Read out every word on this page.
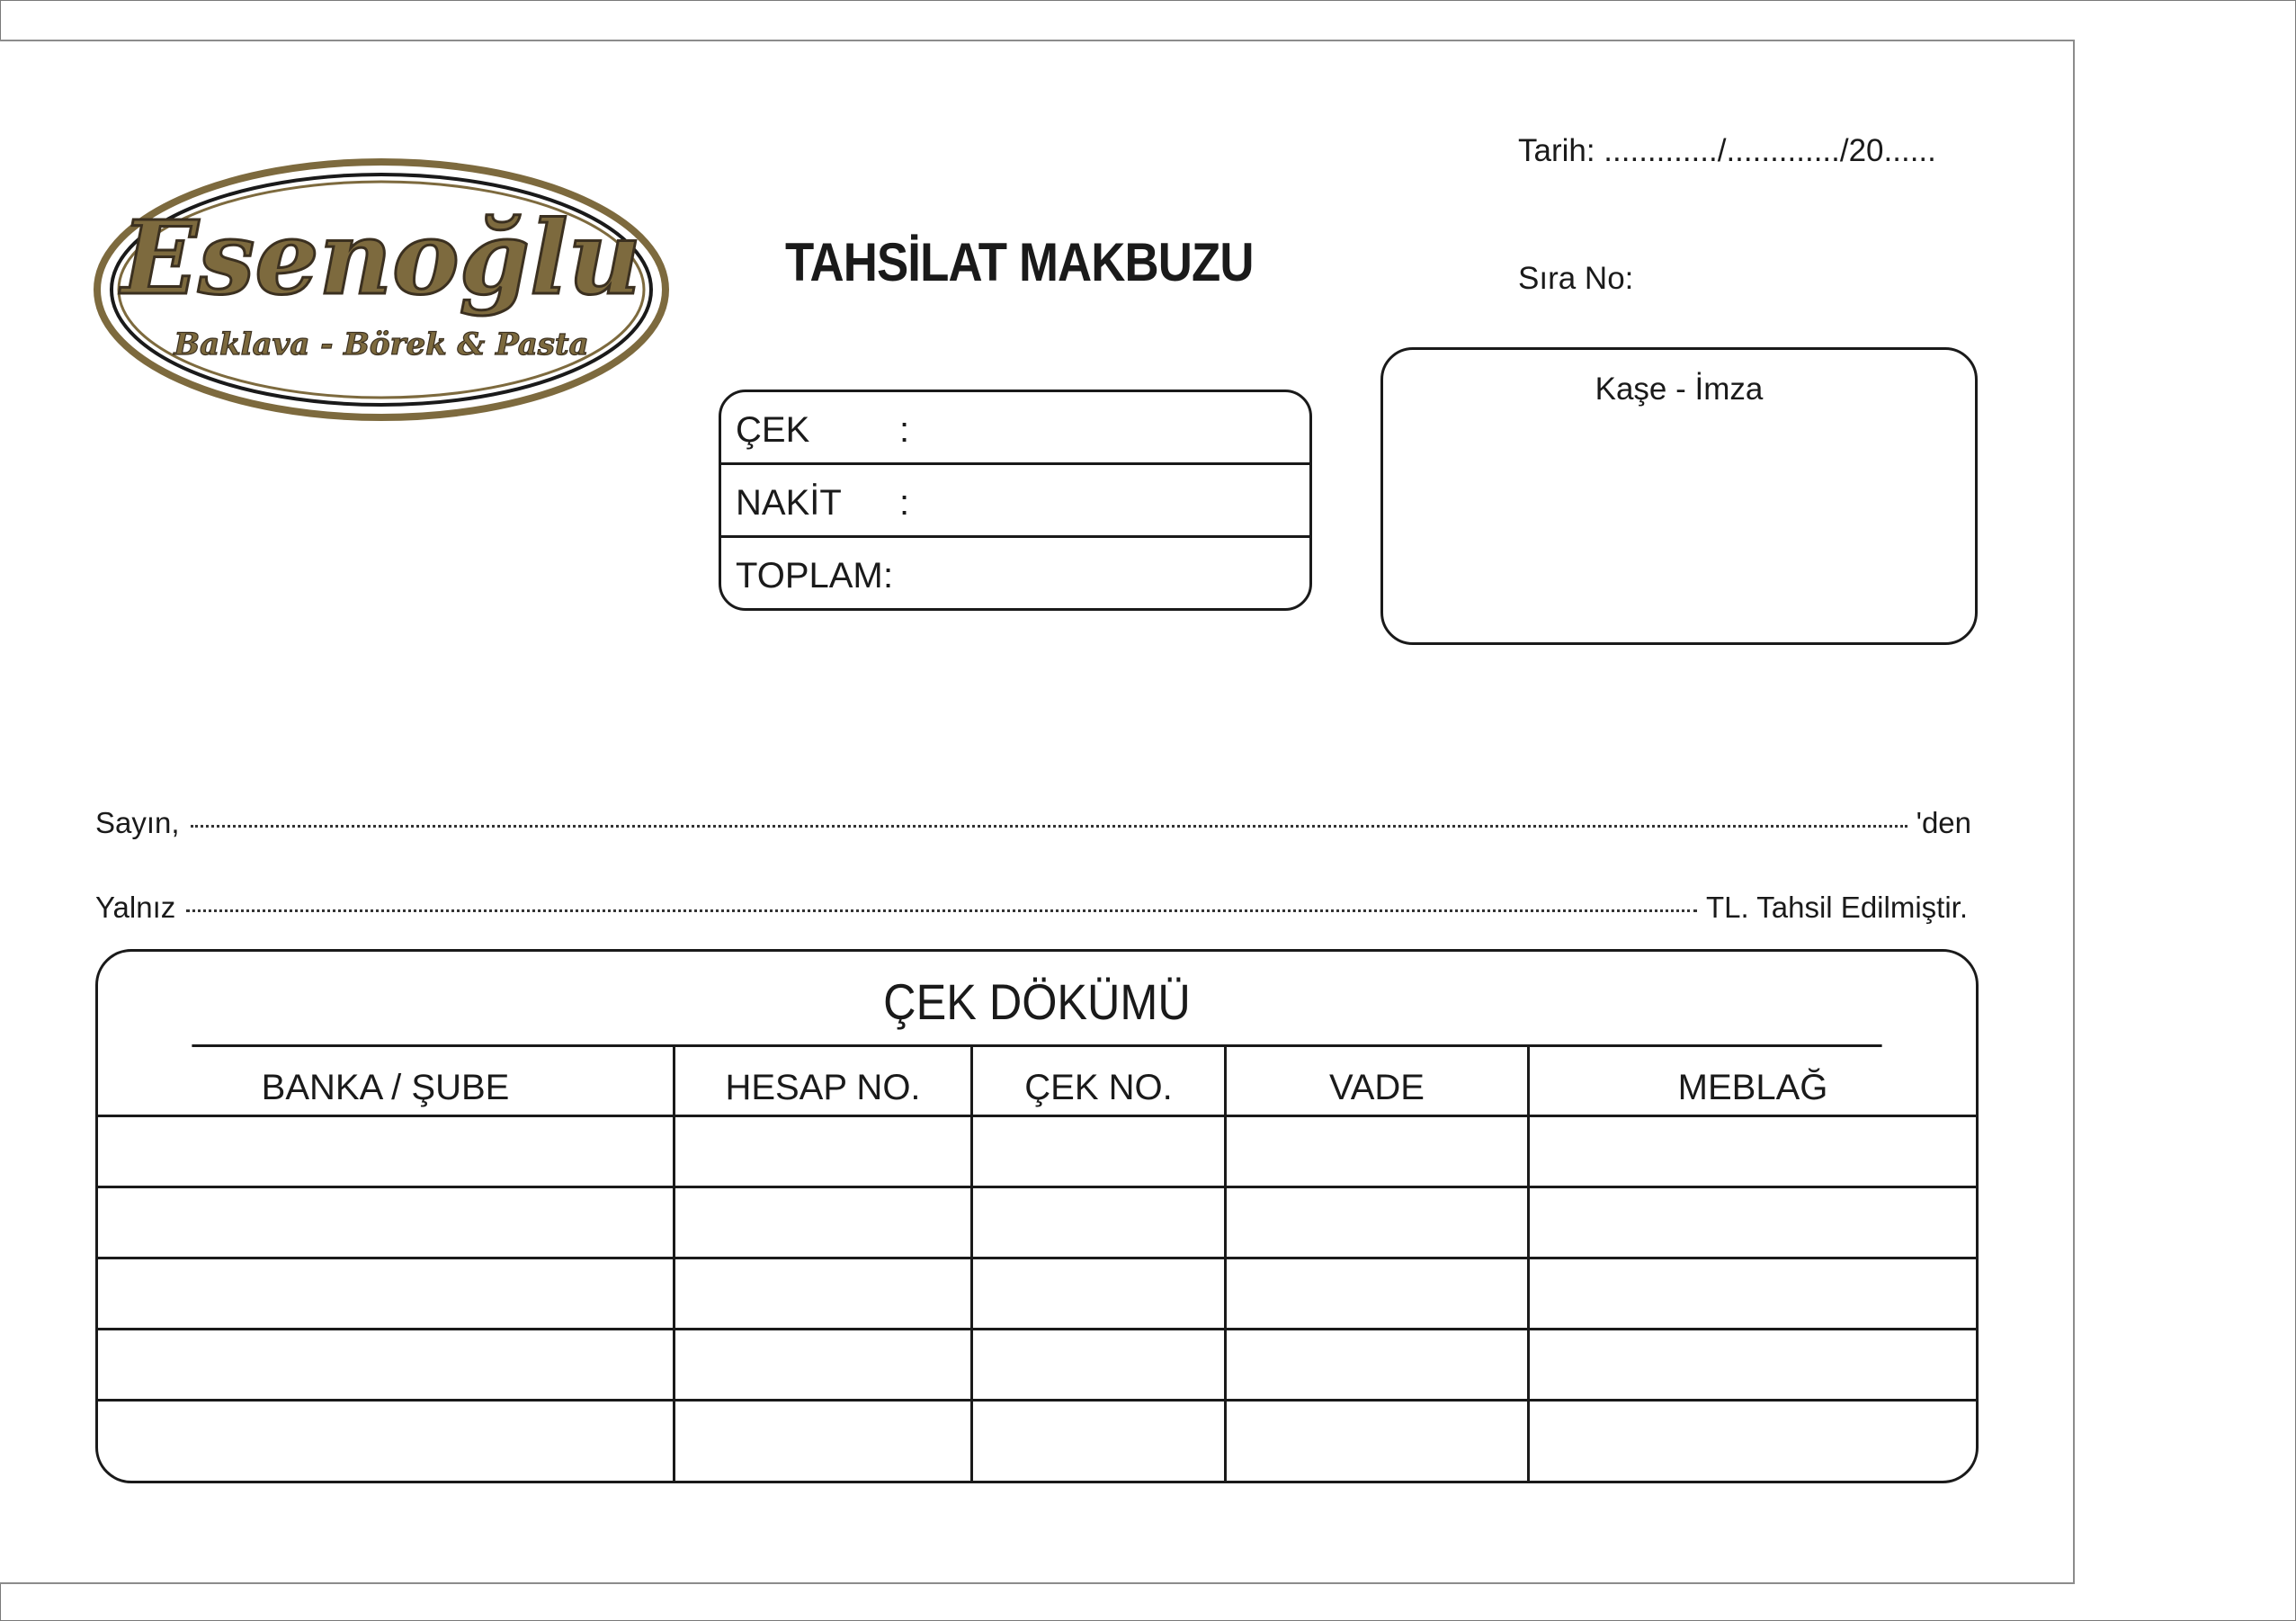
Esenoğlu
Baklava - Börek & Pasta
TAHSİLAT MAKBUZU
Tarih: ............./............./20......
Sıra No:
ÇEK :
NAKİT :
TOPLAM :
Kaşe - İmza
Sayın,	'den
Yalnız	TL. Tahsil Edilmiştir.
ÇEK DÖKÜMÜ
BANKA / ŞUBE	HESAP NO.	ÇEK NO.	VADE	MEBLAĞ
